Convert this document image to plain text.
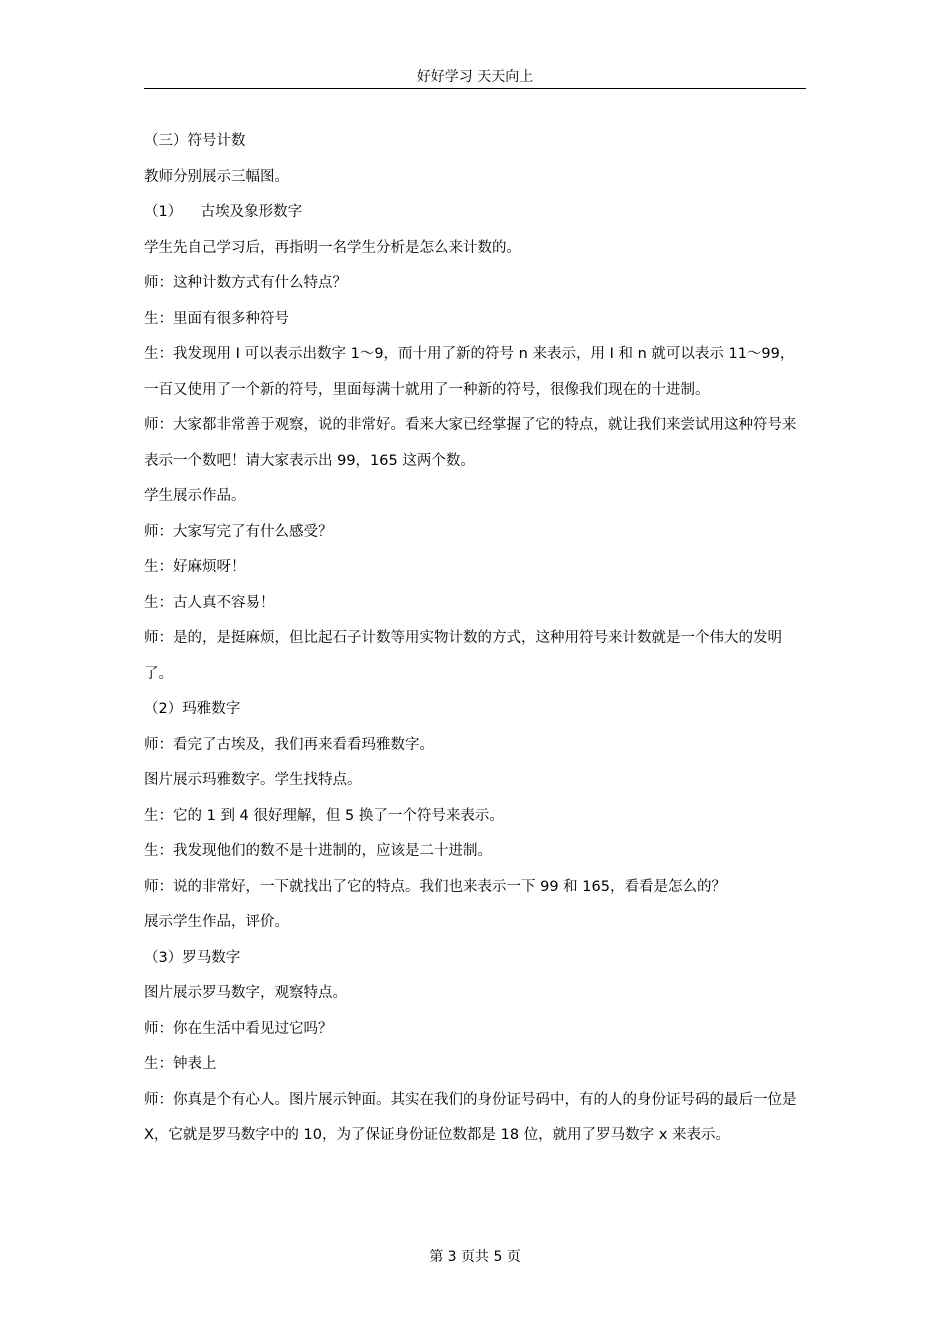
好好学习 天天向上

（三）符号计数

教师分别展示三幅图。

（1）    古埃及象形数字

学生先自己学习后，再指明一名学生分析是怎么来计数的。

师：这种计数方式有什么特点？

生：里面有很多种符号

生：我发现用 I 可以表示出数字 1～9，而十用了新的符号 n 来表示，用 I 和 n 就可以表示 11～99，一百又使用了一个新的符号，里面每满十就用了一种新的符号，很像我们现在的十进制。

师：大家都非常善于观察，说的非常好。看来大家已经掌握了它的特点，就让我们来尝试用这种符号来表示一个数吧！请大家表示出 99，165 这两个数。

学生展示作品。

师：大家写完了有什么感受？

生：好麻烦呀！

生：古人真不容易！

师：是的，是挺麻烦，但比起石子计数等用实物计数的方式，这种用符号来计数就是一个伟大的发明了。

（2）玛雅数字

师：看完了古埃及，我们再来看看玛雅数字。

图片展示玛雅数字。学生找特点。

生：它的 1 到 4 很好理解，但 5 换了一个符号来表示。

生：我发现他们的数不是十进制的，应该是二十进制。

师：说的非常好，一下就找出了它的特点。我们也来表示一下 99 和 165，看看是怎么的？

展示学生作品，评价。

（3）罗马数字

图片展示罗马数字，观察特点。

师：你在生活中看见过它吗？

生：钟表上

师：你真是个有心人。图片展示钟面。其实在我们的身份证号码中，有的人的身份证号码的最后一位是 X，它就是罗马数字中的 10，为了保证身份证位数都是 18 位，就用了罗马数字 x 来表示。

第 3 页共 5 页
